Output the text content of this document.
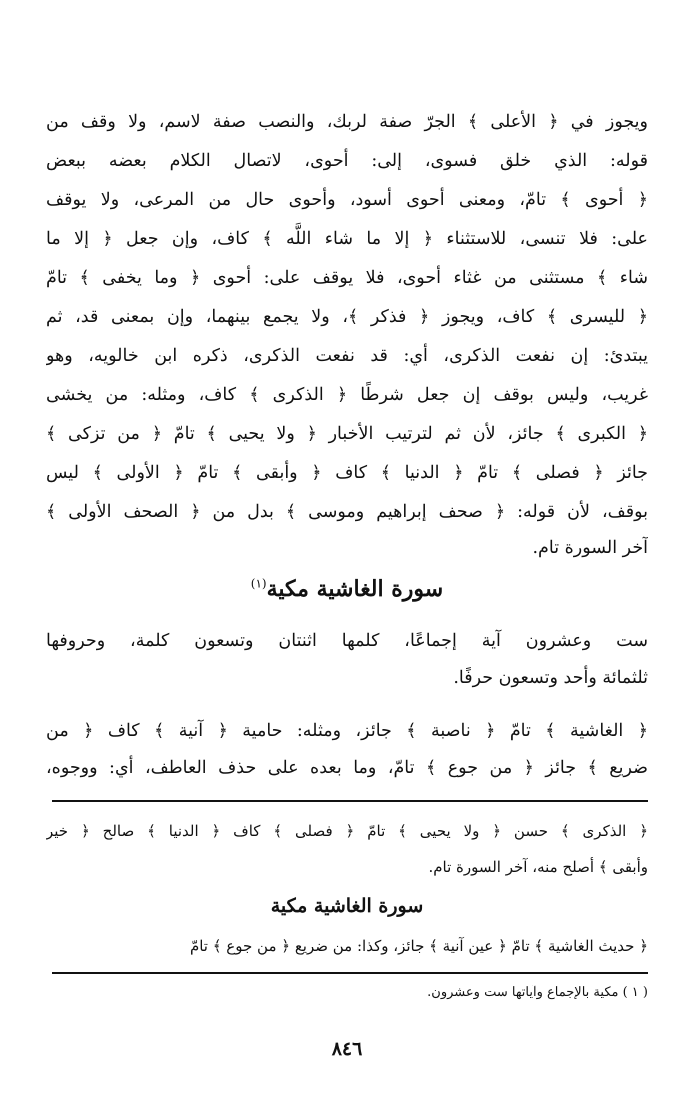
ويجوز في ﴿ الأعلى ﴾ الجرّ صفة لربك، والنصب صفة لاسم، ولا وقف من
قوله: الذي خلق فسوى، إلى: أحوى، لاتصال الكلام بعضه ببعض
﴿ أحوى ﴾ تامّ، ومعنى أحوى أسود، وأحوى حال من المرعى، ولا يوقف
على: فلا تنسى، للاستثناء ﴿ إلا ما شاء اللَّه ﴾ كاف، وإن جعل ﴿ إلا ما
شاء ﴾ مستثنى من غثاء أحوى، فلا يوقف على: أحوى ﴿ وما يخفى ﴾ تامّ
﴿ لليسرى ﴾ كاف، ويجوز ﴿ فذكر ﴾، ولا يجمع بينهما، وإن بمعنى قد، ثم
يبتدئ: إن نفعت الذكرى، أي: قد نفعت الذكرى، ذكره ابن خالويه، وهو
غريب، وليس بوقف إن جعل شرطًا ﴿ الذكرى ﴾ كاف، ومثله: من يخشى
﴿ الكبرى ﴾ جائز، لأن ثم لترتيب الأخبار ﴿ ولا يحيى ﴾ تامّ ﴿ من تزكى ﴾
جائز ﴿ فصلى ﴾ تامّ ﴿ الدنيا ﴾ كاف ﴿ وأبقى ﴾ تامّ ﴿ الأولى ﴾ ليس
بوقف، لأن قوله: ﴿ صحف إبراهيم وموسى ﴾ بدل من ﴿ الصحف الأولى ﴾
آخر السورة تام.
سورة الغاشية مكية$^{(١)}$
ست وعشرون آية إجماعًا، كلمها اثنتان وتسعون كلمة، وحروفها
ثلثمائة وأحد وتسعون حرفًا.
﴿ الغاشية ﴾ تامّ ﴿ ناصبة ﴾ جائز، ومثله: حامية ﴿ آنية ﴾ كاف ﴿ من
ضريع ﴾ جائز ﴿ من جوع ﴾ تامّ، وما بعده على حذف العاطف، أي: ووجوه،
﴿ الذكرى ﴾ حسن ﴿ ولا يحيى ﴾ تامّ ﴿ فصلى ﴾ كاف ﴿ الدنيا ﴾ صالح ﴿ خير
وأبقى ﴾ أصلح منه، آخر السورة تام.
سورة الغاشية مكية
﴿ حديث الغاشية ﴾ تامّ ﴿ عين آنية ﴾ جائز، وكذا: من ضريع ﴿ من جوع ﴾ تامّ
( ١ ) مكية بالإجماع وآياتها ست وعشرون.
٨٤٦
